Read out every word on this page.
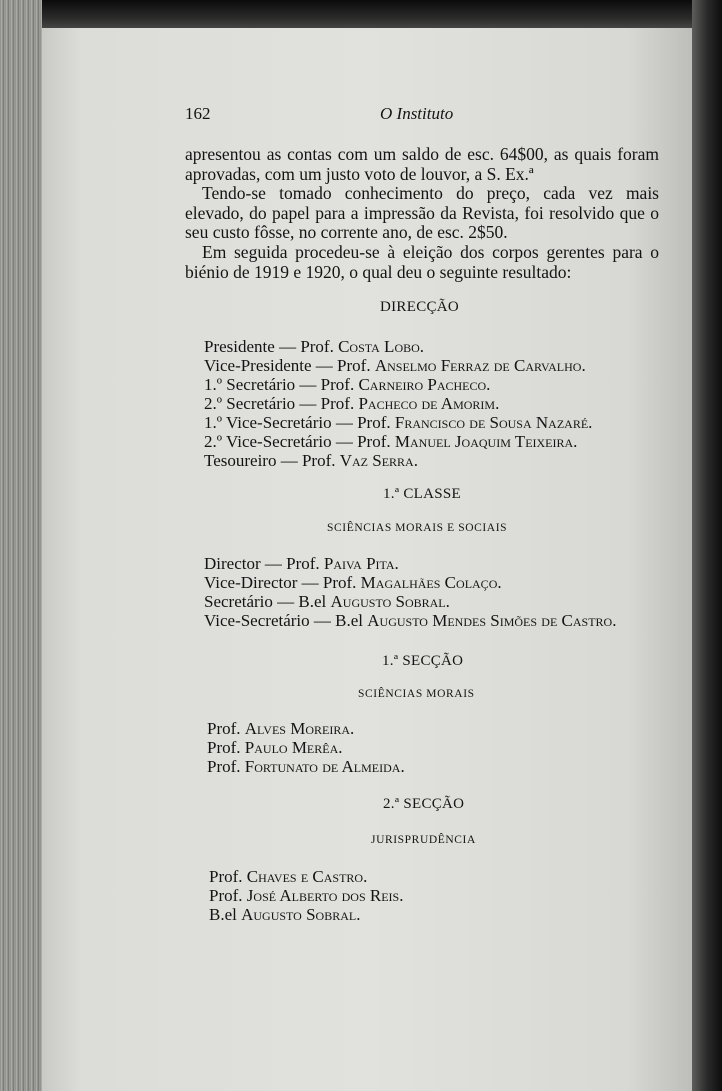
162	O Instituto

apresentou as contas com um saldo de esc. 64$00, as quais foram aprovadas, com um justo voto de louvor, a S. Ex.ª

Tendo-se tomado conhecimento do preço, cada vez mais elevado, do papel para a impressão da Revista, foi resolvido que o seu custo fôsse, no corrente ano, de esc. 2$50.

Em seguida procedeu-se à eleição dos corpos gerentes para o biénio de 1919 e 1920, o qual deu o seguinte resultado:

DIRECÇÃO
Presidente — Prof. Costa Lobo.
Vice-Presidente — Prof. Anselmo Ferraz de Carvalho.
1.º Secretário — Prof. Carneiro Pacheco.
2.º Secretário — Prof. Pacheco de Amorim.
1.º Vice-Secretário — Prof. Francisco de Sousa Nazaré.
2.º Vice-Secretário — Prof. Manuel Joaquim Teixeira.
Tesoureiro — Prof. Vaz Serra.
1.ª CLASSE
SCIÊNCIAS MORAIS E SOCIAIS
Director — Prof. Paiva Pita.
Vice-Director — Prof. Magalhães Colaço.
Secretário — B.el Augusto Sobral.
Vice-Secretário — B.el Augusto Mendes Simões de Castro.
1.ª SECÇÃO
SCIÊNCIAS MORAIS
Prof. Alves Moreira.
Prof. Paulo Merêa.
Prof. Fortunato de Almeida.
2.ª SECÇÃO
JURISPRUDÊNCIA
Prof. Chaves e Castro.
Prof. José Alberto dos Reis.
B.el Augusto Sobral.
